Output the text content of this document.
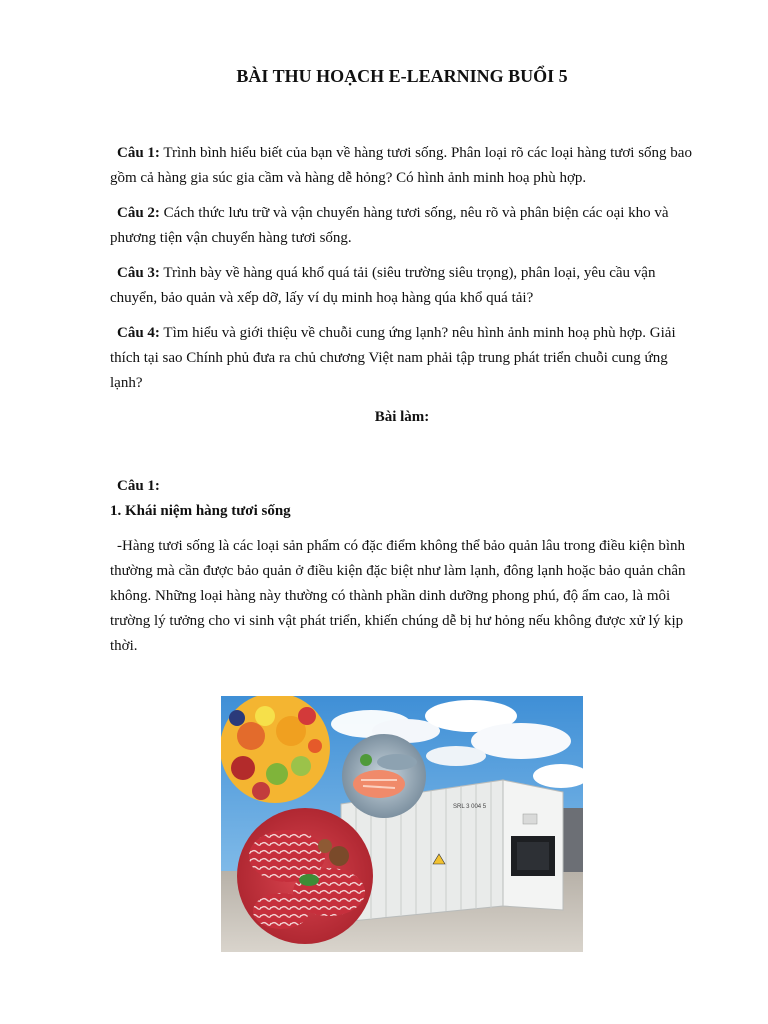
BÀI THU HOẠCH E-LEARNING BUỔI 5
Câu 1: Trình bình hiểu biết của bạn về hàng tươi sống. Phân loại rõ các loại hàng tươi sống bao gồm cả hàng gia súc gia cầm và hàng dễ hỏng? Có hình ảnh minh hoạ phù hợp.
Câu 2: Cách thức lưu trữ và vận chuyển hàng tươi sống, nêu rõ và phân biện các oại kho và phương tiện vận chuyển hàng tươi sống.
Câu 3: Trình bày về hàng quá khổ quá tải (siêu trường siêu trọng), phân loại, yêu cầu vận chuyển, bảo quản và xếp dỡ, lấy ví dụ minh hoạ hàng qúa khổ quá tải?
Câu 4: Tìm hiểu và giới thiệu về chuỗi cung ứng lạnh? nêu hình ảnh minh hoạ phù hợp. Giải thích tại sao Chính phủ đưa ra chủ chương Việt nam phải tập trung phát triển chuỗi cung ứng lạnh?
Bài làm:
Câu 1:
1. Khái niệm hàng tươi sống
-Hàng tươi sống là các loại sản phẩm có đặc điểm không thể bảo quản lâu trong điều kiện bình thường mà cần được bảo quản ở điều kiện đặc biệt như làm lạnh, đông lạnh hoặc bảo quản chân không. Những loại hàng này thường có thành phần dinh dưỡng phong phú, độ ẩm cao, là môi trường lý tưởng cho vi sinh vật phát triển, khiến chúng dễ bị hư hỏng nếu không được xử lý kịp thời.
SRL 3 004 5
